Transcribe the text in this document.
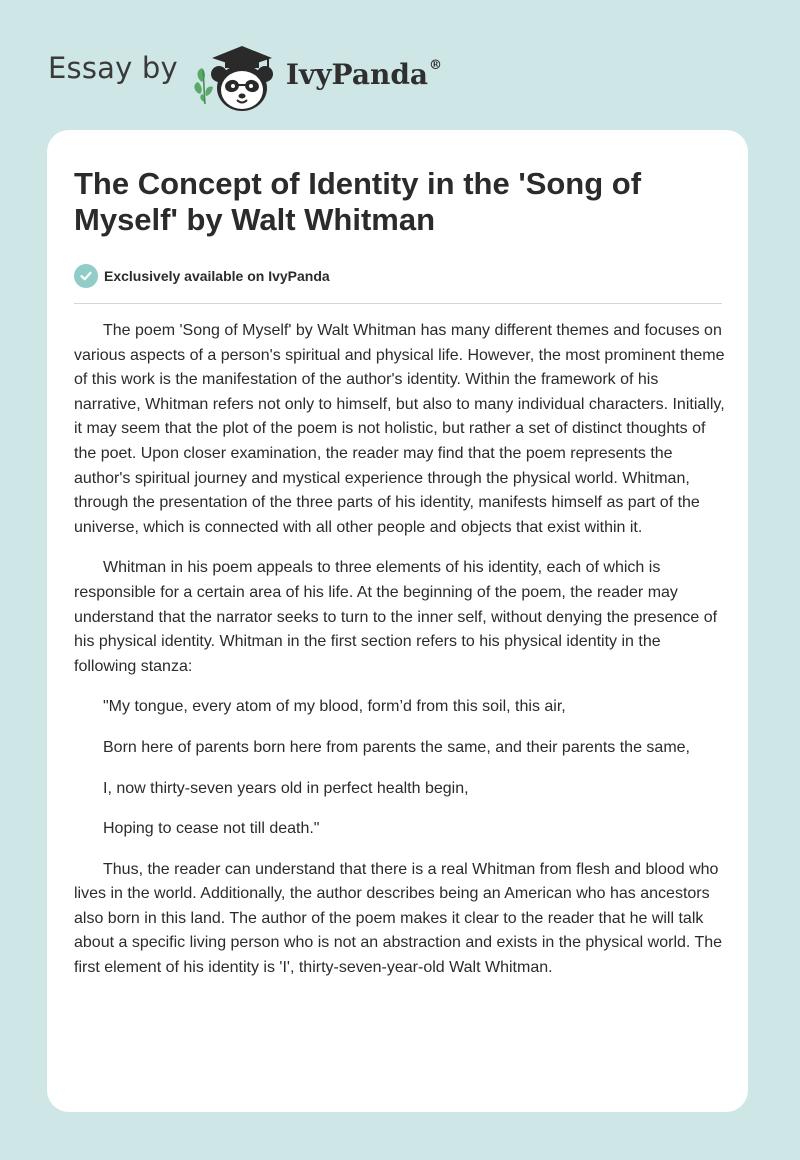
Essay by	IvyPanda®
The Concept of Identity in the 'Song of Myself' by Walt Whitman
Exclusively available on IvyPanda

The poem 'Song of Myself' by Walt Whitman has many different themes and focuses on various aspects of a person's spiritual and physical life. However, the most prominent theme of this work is the manifestation of the author's identity. Within the framework of his narrative, Whitman refers not only to himself, but also to many individual characters. Initially, it may seem that the plot of the poem is not holistic, but rather a set of distinct thoughts of the poet. Upon closer examination, the reader may find that the poem represents the author's spiritual journey and mystical experience through the physical world. Whitman, through the presentation of the three parts of his identity, manifests himself as part of the universe, which is connected with all other people and objects that exist within it.

Whitman in his poem appeals to three elements of his identity, each of which is responsible for a certain area of his life. At the beginning of the poem, the reader may understand that the narrator seeks to turn to the inner self, without denying the presence of his physical identity. Whitman in the first section refers to his physical identity in the following stanza:

"My tongue, every atom of my blood, form’d from this soil, this air,

Born here of parents born here from parents the same, and their parents the same,

I, now thirty-seven years old in perfect health begin,

Hoping to cease not till death."

Thus, the reader can understand that there is a real Whitman from flesh and blood who lives in the world. Additionally, the author describes being an American who has ancestors also born in this land. The author of the poem makes it clear to the reader that he will talk about a specific living person who is not an abstraction and exists in the physical world. The first element of his identity is 'I', thirty-seven-year-old Walt Whitman.
